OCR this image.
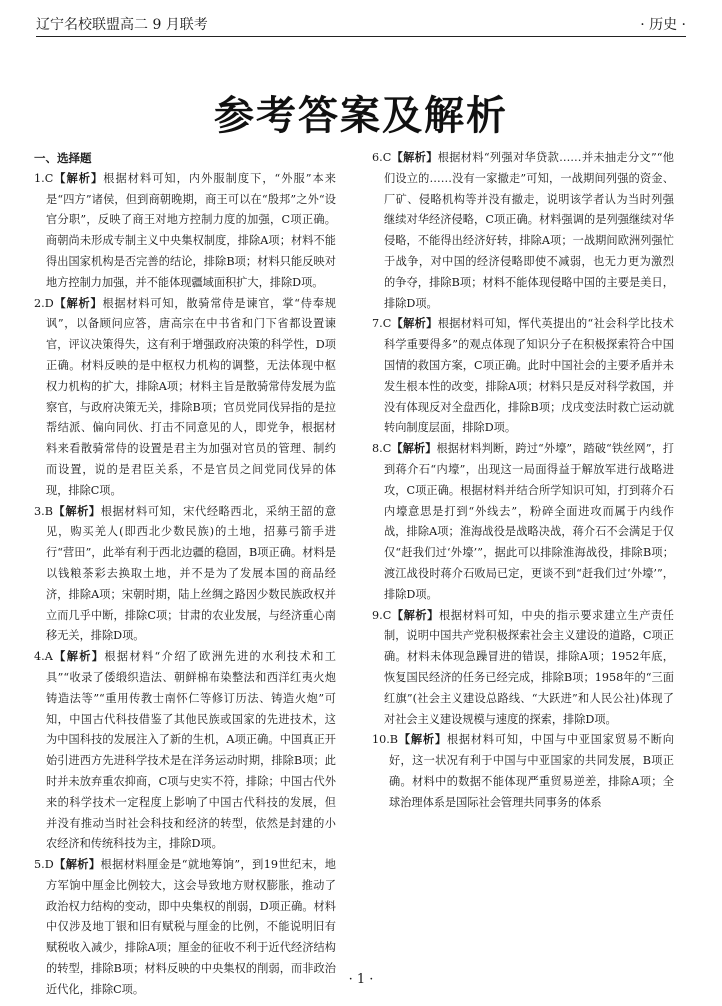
辽宁名校联盟高二 9 月联考	· 历史 ·
参考答案及解析
一、选择题
1.C【解析】根据材料可知，内外服制度下，“外服”本来是“四方”诸侯，但到商朝晚期，商王可以在“殷邦”之外“设官分职”，反映了商王对地方控制力度的加强，C项正确。商朝尚未形成专制主义中央集权制度，排除A项；材料不能得出国家机构是否完善的结论，排除B项；材料只能反映对地方控制力加强，并不能体现疆域面积扩大，排除D项。
2.D【解析】根据材料可知，散骑常侍是谏官，掌“侍奉规讽”，以备顾问应答，唐高宗在中书省和门下省都设置谏官，评议决策得失，这有利于增强政府决策的科学性，D项正确。材料反映的是中枢权力机构的调整，无法体现中枢权力机构的扩大，排除A项；材料主旨是散骑常侍发展为监察官，与政府决策无关，排除B项；官员党同伐异指的是拉帮结派、偏向同伙、打击不同意见的人，即党争，根据材料来看散骑常侍的设置是君主为加强对官员的管理、制约而设置，说的是君臣关系，不是官员之间党同伐异的体现，排除C项。
3.B【解析】根据材料可知，宋代经略西北，采纳王韶的意见，购买羌人(即西北少数民族)的土地，招募弓箭手进行“营田”，此举有利于西北边疆的稳固，B项正确。材料是以钱粮茶彩去换取土地，并不是为了发展本国的商品经济，排除A项；宋朝时期，陆上丝绸之路因少数民族政权并立而几乎中断，排除C项；甘肃的农业发展，与经济重心南移无关，排除D项。
4.A【解析】根据材料“介绍了欧洲先进的水利技术和工具”“收录了倭缎织造法、朝鲜棉布染整法和西洋红夷火炮铸造法等”“重用传教士南怀仁等修订历法、铸造火炮”可知，中国古代科技借鉴了其他民族或国家的先进技术，这为中国科技的发展注入了新的生机，A项正确。中国真正开始引进西方先进科学技术是在洋务运动时期，排除B项；此时并未放弃重农抑商，C项与史实不符，排除；中国古代外来的科学技术一定程度上影响了中国古代科技的发展，但并没有推动当时社会科技和经济的转型，依然是封建的小农经济和传统科技为主，排除D项。
5.D【解析】根据材料厘金是“就地筹饷”，到19世纪末，地方军饷中厘金比例较大，这会导致地方财权膨胀，推动了政治权力结构的变动，即中央集权的削弱，D项正确。材料中仅涉及地丁银和旧有赋税与厘金的比例，不能说明旧有赋税收入减少，排除A项；厘金的征收不利于近代经济结构的转型，排除B项；材料反映的中央集权的削弱，而非政治近代化，排除C项。
6.C【解析】根据材料“列强对华贷款……并未抽走分文”“他们设立的……没有一家撤走”可知，一战期间列强的资金、厂矿、侵略机构等并没有撤走，说明该学者认为当时列强继续对华经济侵略，C项正确。材料强调的是列强继续对华侵略，不能得出经济好转，排除A项；一战期间欧洲列强忙于战争，对中国的经济侵略即使不减弱，也无力更为激烈的争夺，排除B项；材料不能体现侵略中国的主要是美日，排除D项。
7.C【解析】根据材料可知，恽代英提出的“社会科学比技术科学重要得多”的观点体现了知识分子在积极探索符合中国国情的救国方案，C项正确。此时中国社会的主要矛盾并未发生根本性的改变，排除A项；材料只是反对科学救国，并没有体现反对全盘西化，排除B项；戊戌变法时救亡运动就转向制度层面，排除D项。
8.C【解析】根据材料判断，跨过“外壕”，踏破“铁丝网”，打到蒋介石“内壕”，出现这一局面得益于解放军进行战略进攻，C项正确。根据材料并结合所学知识可知，打到蒋介石内壕意思是打到“外线去”，粉碎全面进攻而属于内线作战，排除A项；淮海战役是战略决战，蒋介石不会满足于仅仅“赶我们过‘外壕’”，据此可以排除淮海战役，排除B项；渡江战役时蒋介石败局已定，更谈不到“赶我们过‘外壕’”，排除D项。
9.C【解析】根据材料可知，中央的指示要求建立生产责任制，说明中国共产党积极探索社会主义建设的道路，C项正确。材料未体现急躁冒进的错误，排除A项；1952年底，恢复国民经济的任务已经完成，排除B项；1958年的“三面红旗”(社会主义建设总路线、“大跃进”和人民公社)体现了对社会主义建设规模与速度的探索，排除D项。
10.B【解析】根据材料可知，中国与中亚国家贸易不断向好，这一状况有利于中国与中亚国家的共同发展，B项正确。材料中的数据不能体现严重贸易逆差，排除A项；全球治理体系是国际社会管理共同事务的体系
· 1 ·
